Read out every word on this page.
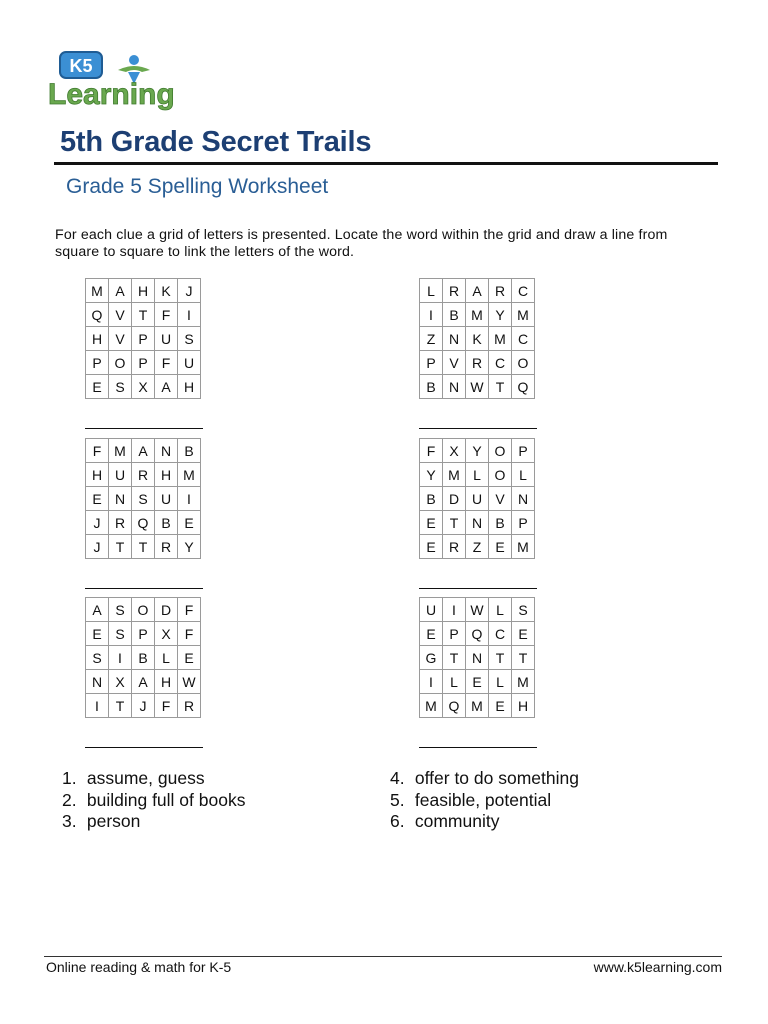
K5
Learning
5th Grade Secret Trails
Grade 5 Spelling Worksheet
For each clue a grid of letters is presented. Locate the word within the grid and draw a line from square to square to link the letters of the word.
M	A	H	K	J
Q	V	T	F	I
H	V	P	U	S
P	O	P	F	U
E	S	X	A	H
L	R	A	R	C
I	B	M	Y	M
Z	N	K	M	C
P	V	R	C	O
B	N	W	T	Q
F	M	A	N	B
H	U	R	H	M
E	N	S	U	I
J	R	Q	B	E
J	T	T	R	Y
F	X	Y	O	P
Y	M	L	O	L
B	D	U	V	N
E	T	N	B	P
E	R	Z	E	M
A	S	O	D	F
E	S	P	X	F
S	I	B	L	E
N	X	A	H	W
I	T	J	F	R
U	I	W	L	S
E	P	Q	C	E
G	T	N	T	T
I	L	E	L	M
M	Q	M	E	H
1. assume, guess
2. building full of books
3. person
4. offer to do something
5. feasible, potential
6. community
Online reading & math for K-5	www.k5learning.com
